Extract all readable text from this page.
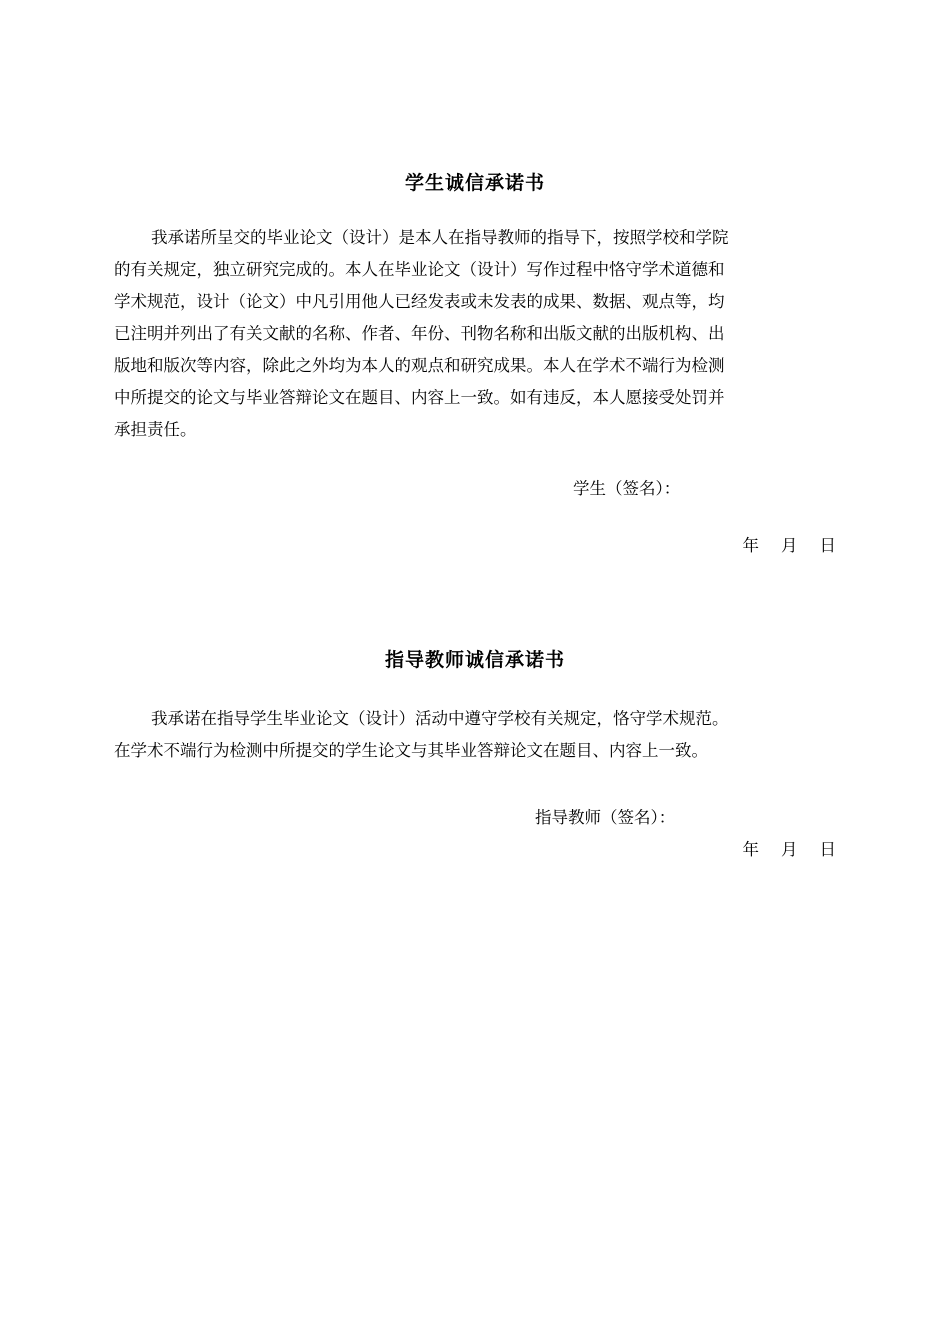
学生诚信承诺书
我承诺所呈交的毕业论文（设计）是本人在指导教师的指导下，按照学校和学院
的有关规定，独立研究完成的。本人在毕业论文（设计）写作过程中恪守学术道德和
学术规范，设计（论文）中凡引用他人已经发表或未发表的成果、数据、观点等，均
已注明并列出了有关文献的名称、作者、年份、刊物名称和出版文献的出版机构、出
版地和版次等内容，除此之外均为本人的观点和研究成果。本人在学术不端行为检测
中所提交的论文与毕业答辩论文在题目、内容上一致。如有违反，本人愿接受处罚并
承担责任。
学生（签名）：
年 月 日
指导教师诚信承诺书
我承诺在指导学生毕业论文（设计）活动中遵守学校有关规定，恪守学术规范。
在学术不端行为检测中所提交的学生论文与其毕业答辩论文在题目、内容上一致。
指导教师（签名）：
年 月 日
